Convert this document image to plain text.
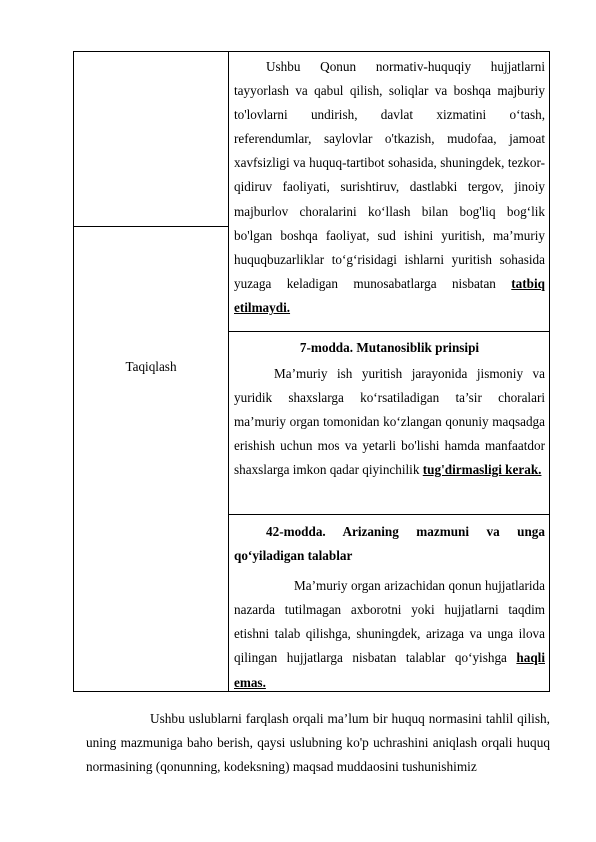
Taqiqlash

Ushbu Qonun normativ-huquqiy hujjatlarni tayyorlash va qabul qilish, soliqlar va boshqa majburiy to'lovlarni undirish, davlat xizmatini o‘tash, referendumlar, saylovlar o'tkazish, mudofaa, jamoat xavfsizligi va huquq-tartibot sohasida, shuningdek, tezkor-qidiruv faoliyati, surishtiruv, dastlabki tergov, jinoiy majburlov choralarini ko‘llash bilan bog'liq bog‘lik bo'lgan boshqa faoliyat, sud ishini yuritish, ma’muriy huquqbuzarliklar to‘g‘risidagi ishlarni yuritish sohasida yuzaga keladigan munosabatlarga nisbatan tatbiq etilmaydi.

7-modda. Mutanosiblik prinsipi

Ma’muriy ish yuritish jarayonida jismoniy va yuridik shaxslarga ko‘rsatiladigan ta’sir choralari ma’muriy organ tomonidan ko‘zlangan qonuniy maqsadga erishish uchun mos va yetarli bo'lishi hamda manfaatdor shaxslarga imkon qadar qiyinchilik tug'dirmasligi kerak.

42-modda. Arizaning mazmuni va unga qo‘yiladigan talablar

Ma’muriy organ arizachidan qonun hujjatlarida nazarda tutilmagan axborotni yoki hujjatlarni taqdim etishni talab qilishga, shuningdek, arizaga va unga ilova qilingan hujjatlarga nisbatan talablar qo‘yishga haqli emas.

Ushbu uslublarni farqlash orqali ma’lum bir huquq normasini tahlil qilish, uning mazmuniga baho berish, qaysi uslubning ko'p uchrashini aniqlash orqali huquq normasining (qonunning, kodeksning) maqsad muddaosini tushunishimiz
